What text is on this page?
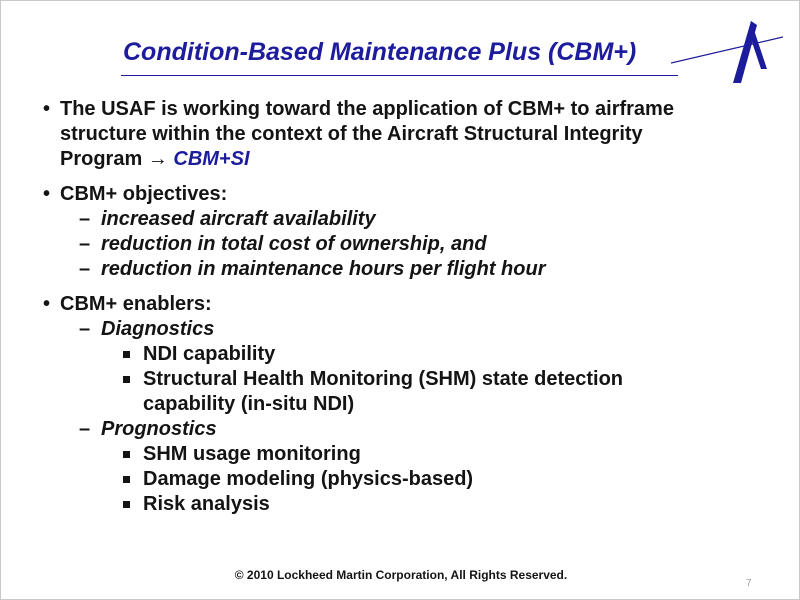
Condition-Based Maintenance Plus (CBM+)
• The USAF is working toward the application of CBM+ to airframe
structure within the context of the Aircraft Structural Integrity
Program → CBM+SI
• CBM+ objectives:
– increased aircraft availability
– reduction in total cost of ownership, and
– reduction in maintenance hours per flight hour
• CBM+ enablers:
– Diagnostics
NDI capability
Structural Health Monitoring (SHM) state detection
capability (in-situ NDI)
– Prognostics
SHM usage monitoring
Damage modeling (physics-based)
Risk analysis
© 2010 Lockheed Martin Corporation, All Rights Reserved.
7
